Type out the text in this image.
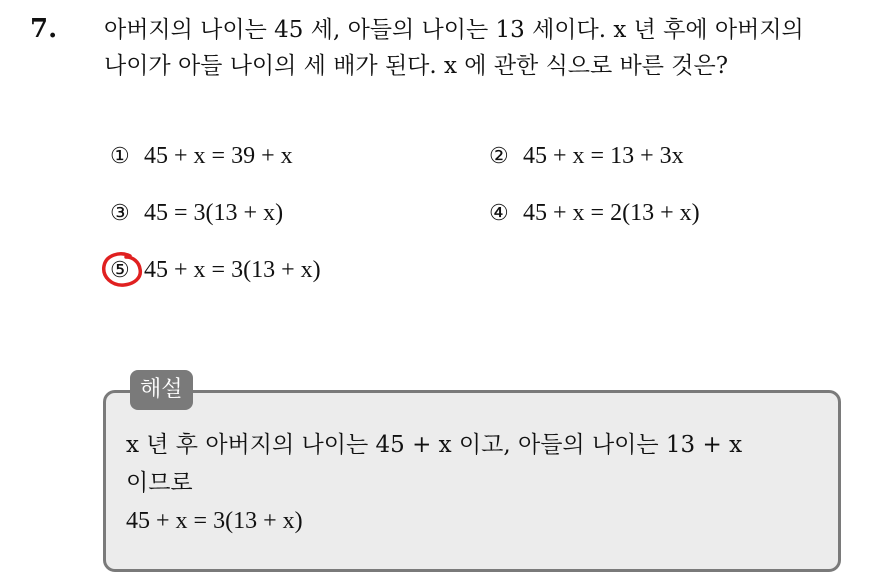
7. 아버지의 나이는 45 세, 아들의 나이는 13 세이다. x 년 후에 아버지의
나이가 아들 나이의 세 배가 된다. x 에 관한 식으로 바른 것은?
① 45 + x = 39 + x	② 45 + x = 13 + 3x
③ 45 = 3(13 + x)	④ 45 + x = 2(13 + x)
⑤ 45 + x = 3(13 + x)
해설
x 년 후 아버지의 나이는 45 + x 이고, 아들의 나이는 13 + x
이므로
45 + x = 3(13 + x)
